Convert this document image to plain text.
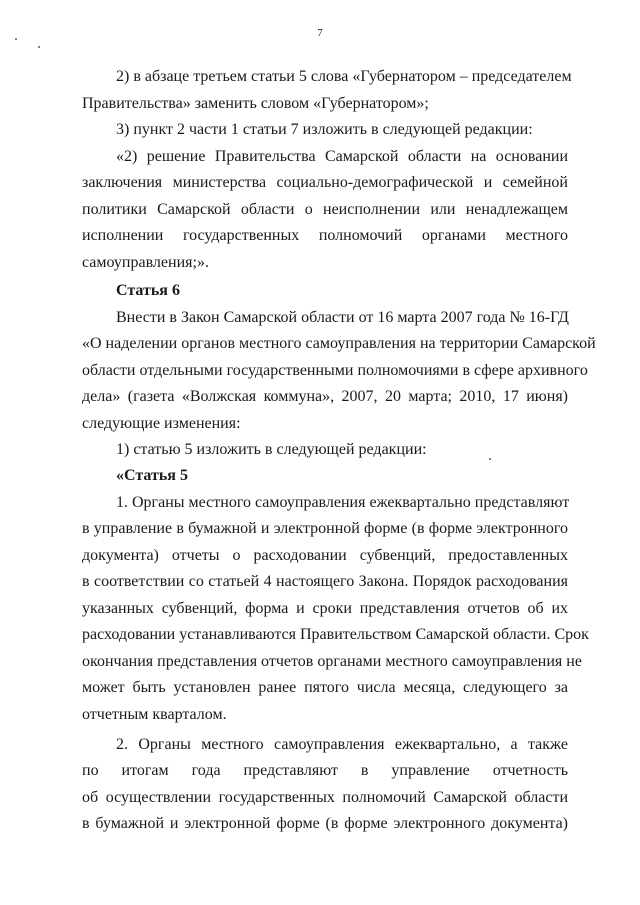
7
2) в абзаце третьем статьи 5 слова «Губернатором – председателем
Правительства» заменить словом «Губернатором»;
3) пункт 2 части 1 статьи 7 изложить в следующей редакции:
«2) решение Правительства Самарской области на основании
заключения министерства социально-демографической и семейной
политики Самарской области о неисполнении или ненадлежащем
исполнении государственных полномочий органами местного
самоуправления;».
Статья 6
Внести в Закон Самарской области от 16 марта 2007 года № 16-ГД
«О наделении органов местного самоуправления на территории Самарской
области отдельными государственными полномочиями в сфере архивного
дела» (газета «Волжская коммуна», 2007, 20 марта; 2010, 17 июня)
следующие изменения:
1) статью 5 изложить в следующей редакции:
«Статья 5
1. Органы местного самоуправления ежеквартально представляют
в управление в бумажной и электронной форме (в форме электронного
документа) отчеты о расходовании субвенций, предоставленных
в соответствии со статьей 4 настоящего Закона. Порядок расходования
указанных субвенций, форма и сроки представления отчетов об их
расходовании устанавливаются Правительством Самарской области. Срок
окончания представления отчетов органами местного самоуправления не
может быть установлен ранее пятого числа месяца, следующего за
отчетным кварталом.
2. Органы местного самоуправления ежеквартально, а также
по итогам года представляют в управление отчетность
об осуществлении государственных полномочий Самарской области
в бумажной и электронной форме (в форме электронного документа)
